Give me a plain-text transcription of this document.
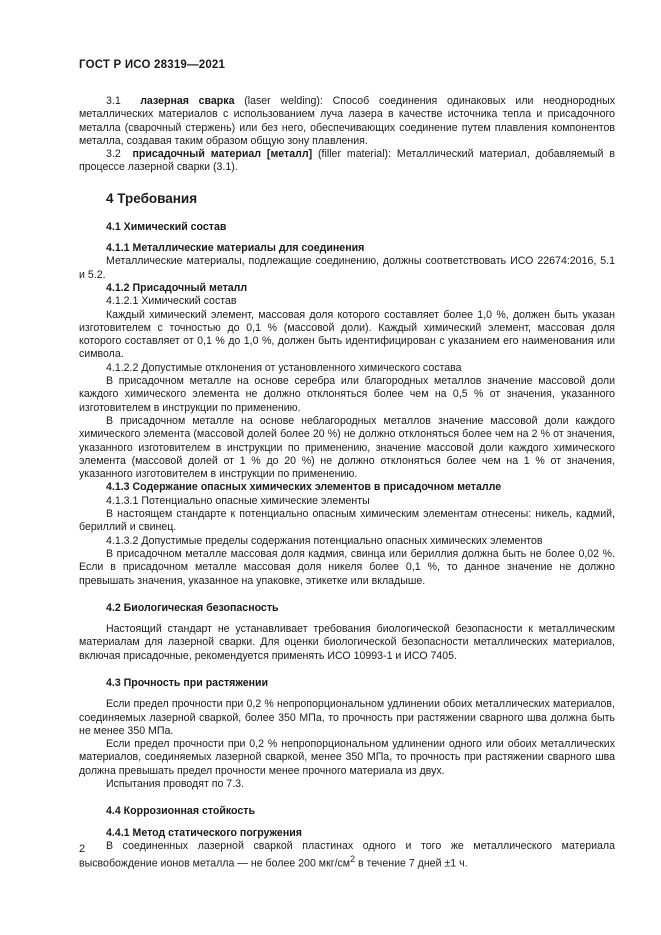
ГОСТ Р ИСО 28319—2021

3.1 лазерная сварка (laser welding): Способ соединения одинаковых или неоднородных металлических материалов с использованием луча лазера в качестве источника тепла и присадочного металла (сварочный стержень) или без него, обеспечивающих соединение путем плавления компонентов металла, создавая таким образом общую зону плавления.

3.2 присадочный материал [металл] (filler material): Металлический материал, добавляемый в процессе лазерной сварки (3.1).

4 Требования
4.1 Химический состав
4.1.1 Металлические материалы для соединения

Металлические материалы, подлежащие соединению, должны соответствовать ИСО 22674:2016, 5.1 и 5.2.

4.1.2 Присадочный металл

4.1.2.1 Химический состав

Каждый химический элемент, массовая доля которого составляет более 1,0 %, должен быть указан изготовителем с точностью до 0,1 % (массовой доли). Каждый химический элемент, массовая доля которого составляет от 0,1 % до 1,0 %, должен быть идентифицирован с указанием его наименования или символа.

4.1.2.2 Допустимые отклонения от установленного химического состава

В присадочном металле на основе серебра или благородных металлов значение массовой доли каждого химического элемента не должно отклоняться более чем на 0,5 % от значения, указанного изготовителем в инструкции по применению.

В присадочном металле на основе неблагородных металлов значение массовой доли каждого химического элемента (массовой долей более 20 %) не должно отклоняться более чем на 2 % от значения, указанного изготовителем в инструкции по применению, значение массовой доли каждого химического элемента (массовой долей от 1 % до 20 %) не должно отклоняться более чем на 1 % от значения, указанного изготовителем в инструкции по применению.

4.1.3 Содержание опасных химических элементов в присадочном металле

4.1.3.1 Потенциально опасные химические элементы

В настоящем стандарте к потенциально опасным химическим элементам отнесены: никель, кадмий, бериллий и свинец.

4.1.3.2 Допустимые пределы содержания потенциально опасных химических элементов

В присадочном металле массовая доля кадмия, свинца или бериллия должна быть не более 0,02 %. Если в присадочном металле массовая доля никеля более 0,1 %, то данное значение не должно превышать значения, указанное на упаковке, этикетке или вкладыше.

4.2 Биологическая безопасность

Настоящий стандарт не устанавливает требования биологической безопасности к металлическим материалам для лазерной сварки. Для оценки биологической безопасности металлических материалов, включая присадочные, рекомендуется применять ИСО 10993-1 и ИСО 7405.

4.3 Прочность при растяжении

Если предел прочности при 0,2 % непропорциональном удлинении обоих металлических материалов, соединяемых лазерной сваркой, более 350 МПа, то прочность при растяжении сварного шва должна быть не менее 350 МПа.

Если предел прочности при 0,2 % непропорциональном удлинении одного или обоих металлических материалов, соединяемых лазерной сваркой, менее 350 МПа, то прочность при растяжении сварного шва должна превышать предел прочности менее прочного материала из двух.

Испытания проводят по 7.3.

4.4 Коррозионная стойкость
4.4.1 Метод статического погружения

В соединенных лазерной сваркой пластинах одного и того же металлического материала высвобождение ионов металла — не более 200 мкг/$см^2$ в течение 7 дней ±1 ч.

2
